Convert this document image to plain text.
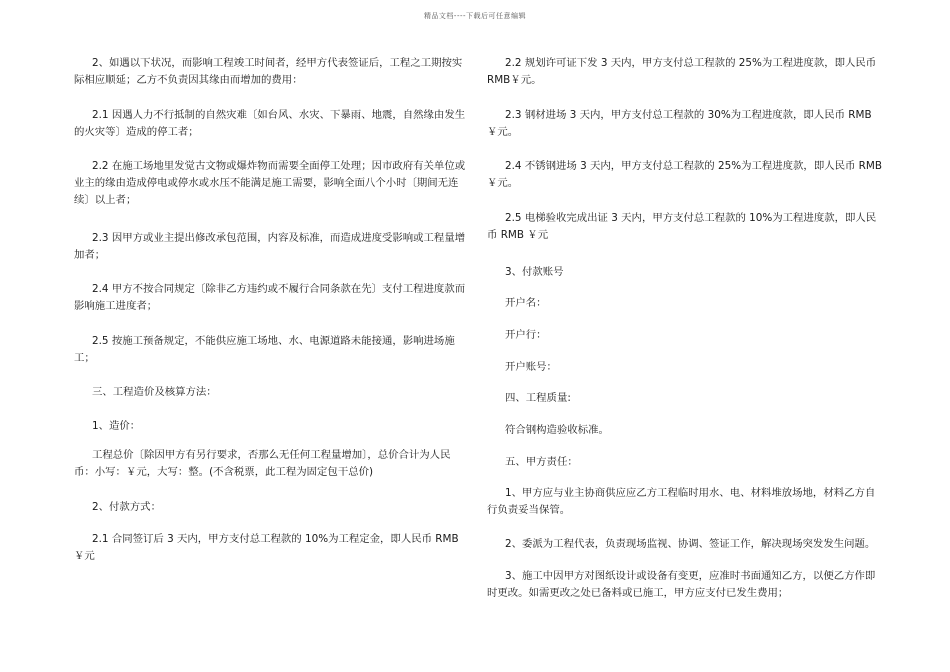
精品文档----下载后可任意编辑

2、如遇以下状况，而影响工程竣工时间者，经甲方代表签证后，工程之工期按实际相应顺延；乙方不负责因其缘由而增加的费用：

2.1 因遇人力不行抵制的自然灾难〔如台风、水灾、下暴雨、地震，自然缘由发生的火灾等〕造成的停工者；

2.2 在施工场地里发觉古文物或爆炸物而需要全面停工处理；因市政府有关单位或业主的缘由造成停电或停水或水压不能满足施工需要，影响全面八个小时〔期间无连续〕以上者；

2.3 因甲方或业主提出修改承包范围，内容及标准，而造成进度受影响或工程量增加者；

2.4 甲方不按合同规定〔除非乙方违约或不履行合同条款在先〕支付工程进度款而影响施工进度者；

2.5 按施工预备规定，不能供应施工场地、水、电源道路未能接通，影响进场施工；

三、工程造价及核算方法：

1、造价：

工程总价〔除因甲方有另行要求，否那么无任何工程量增加〕，总价合计为人民币：小写：￥元，大写：整。(不含税票，此工程为固定包干总价)

2、付款方式：

2.1 合同签订后 3 天内，甲方支付总工程款的 10%为工程定金，即人民币 RMB￥元

2.2 规划许可证下发 3 天内，甲方支付总工程款的 25%为工程进度款，即人民币 RMB￥元。

2.3 钢材进场 3 天内，甲方支付总工程款的 30%为工程进度款，即人民币 RMB ￥元。

2.4 不锈钢进场 3 天内，甲方支付总工程款的 25%为工程进度款，即人民币 RMB ￥元。

2.5 电梯验收完成出证 3 天内，甲方支付总工程款的 10%为工程进度款，即人民币 RMB ￥元

3、付款账号

开户名：

开户行：

开户账号：

四、工程质量:

符合钢构造验收标准。

五、甲方责任：

1、甲方应与业主协商供应应乙方工程临时用水、电、材料堆放场地，材料乙方自行负责妥当保管。

2、委派为工程代表，负责现场监视、协调、签证工作，解决现场突发发生问题。

3、施工中因甲方对图纸设计或设备有变更，应准时书面通知乙方，以便乙方作即时更改。如需更改之处已备料或已施工，甲方应支付已发生费用；
